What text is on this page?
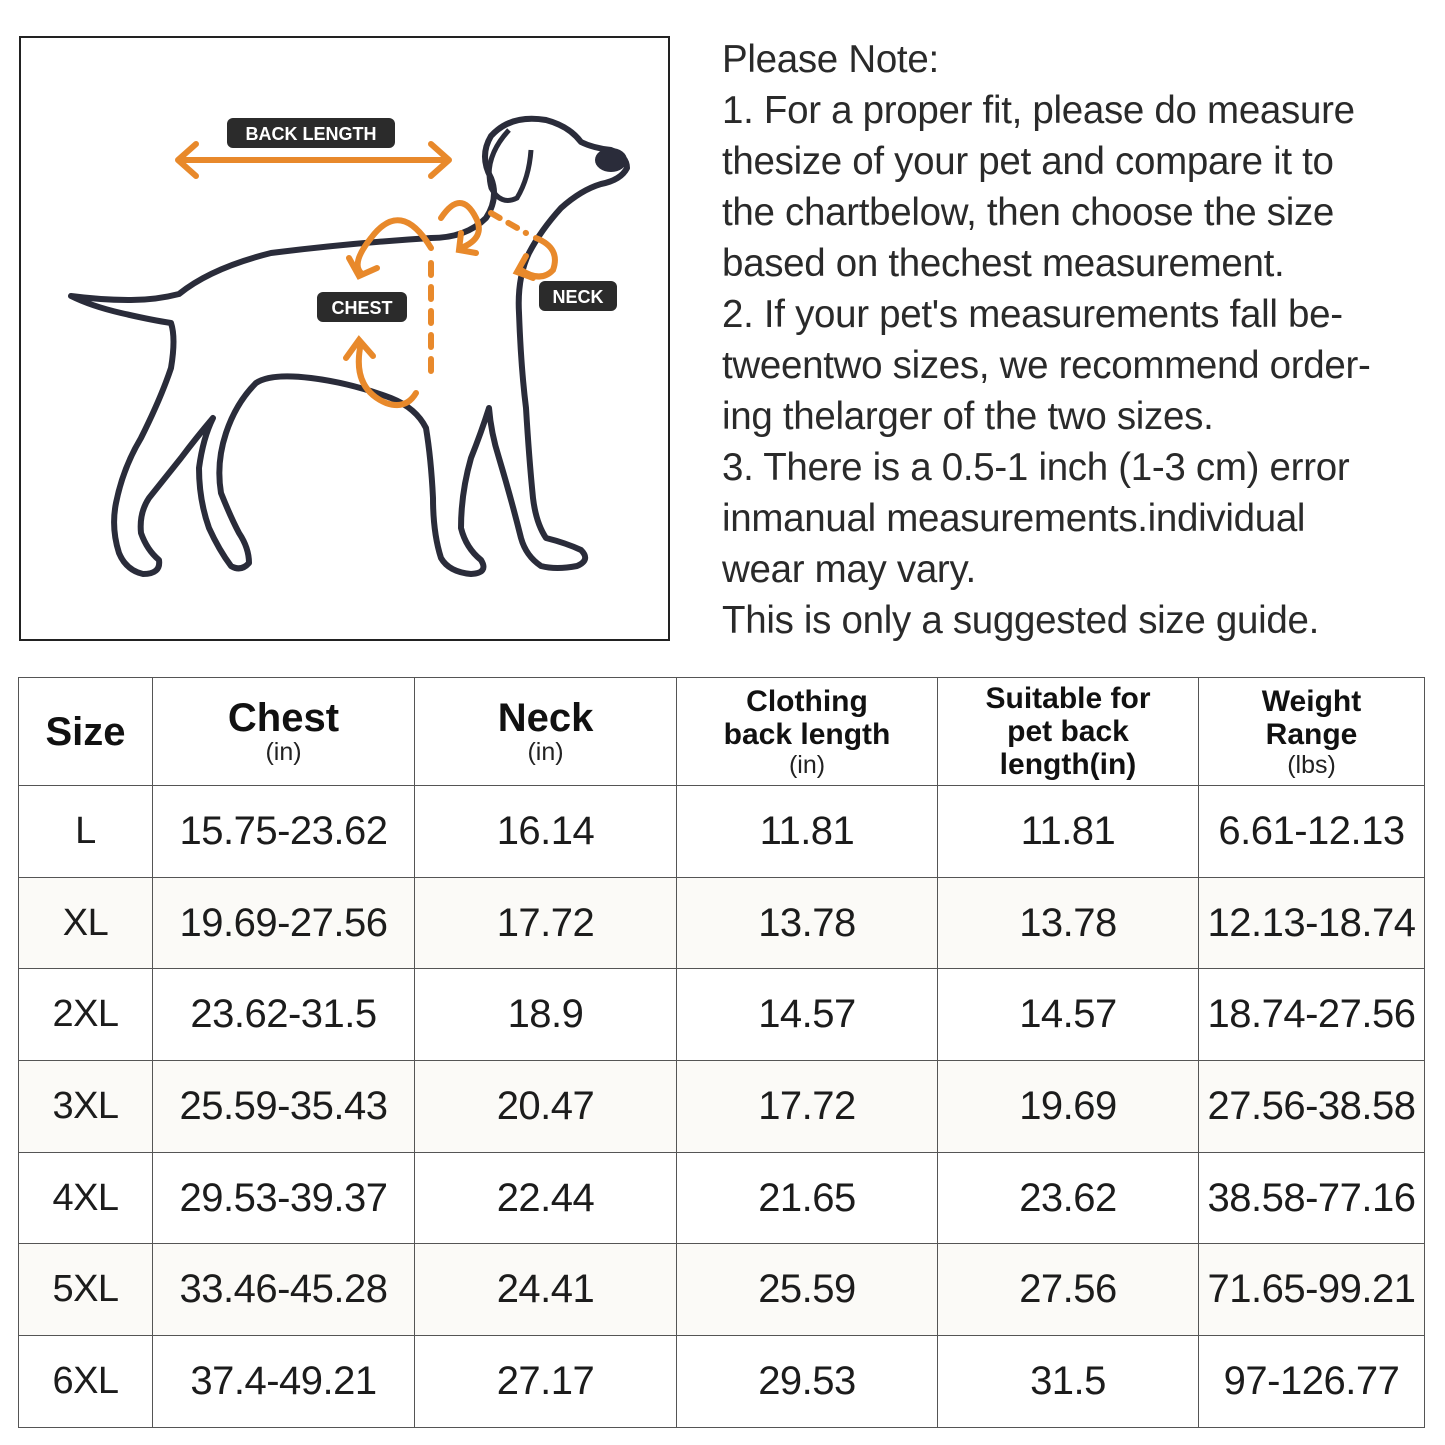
BACK LENGTH
CHEST
NECK
Please Note:
1. For a proper fit, please do measure
thesize of your pet and compare it to
the chartbelow, then choose the size
based on thechest measurement.
2. If your pet's measurements fall be-
tweentwo sizes, we recommend order-
ing thelarger of the two sizes.
3. There is a 0.5-1 inch (1-3 cm) error
inmanual measurements.individual
wear may vary.
This is only a suggested size guide.
Size	Chest
(in)	Neck
(in)	Clothing
back length
(in)	Suitable for
pet back
length(in)	Weight
Range
(lbs)

L	15.75-23.62	16.14	11.81	11.81	6.61-12.13
XL	19.69-27.56	17.72	13.78	13.78	12.13-18.74
2XL	23.62-31.5	18.9	14.57	14.57	18.74-27.56
3XL	25.59-35.43	20.47	17.72	19.69	27.56-38.58
4XL	29.53-39.37	22.44	21.65	23.62	38.58-77.16
5XL	33.46-45.28	24.41	25.59	27.56	71.65-99.21
6XL	37.4-49.21	27.17	29.53	31.5	97-126.77
